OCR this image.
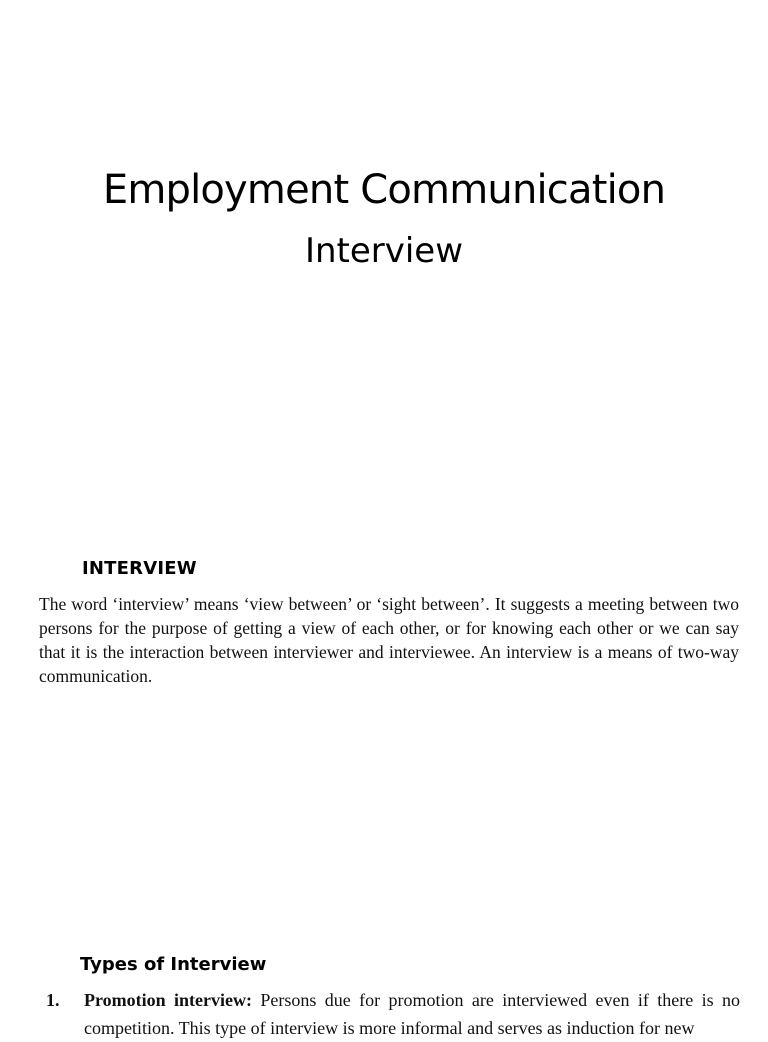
Employment Communication
Interview
INTERVIEW

The word ‘interview’ means ‘view between’ or ‘sight between’. It suggests a meeting between two persons for the purpose of getting a view of each other, or for knowing each other or we can say that it is the interaction between interviewer and interviewee. An interview is a means of two-way communication.

Types of Interview
1. Promotion interview: Persons due for promotion are interviewed even if there is no competition. This type of interview is more informal and serves as induction for new
